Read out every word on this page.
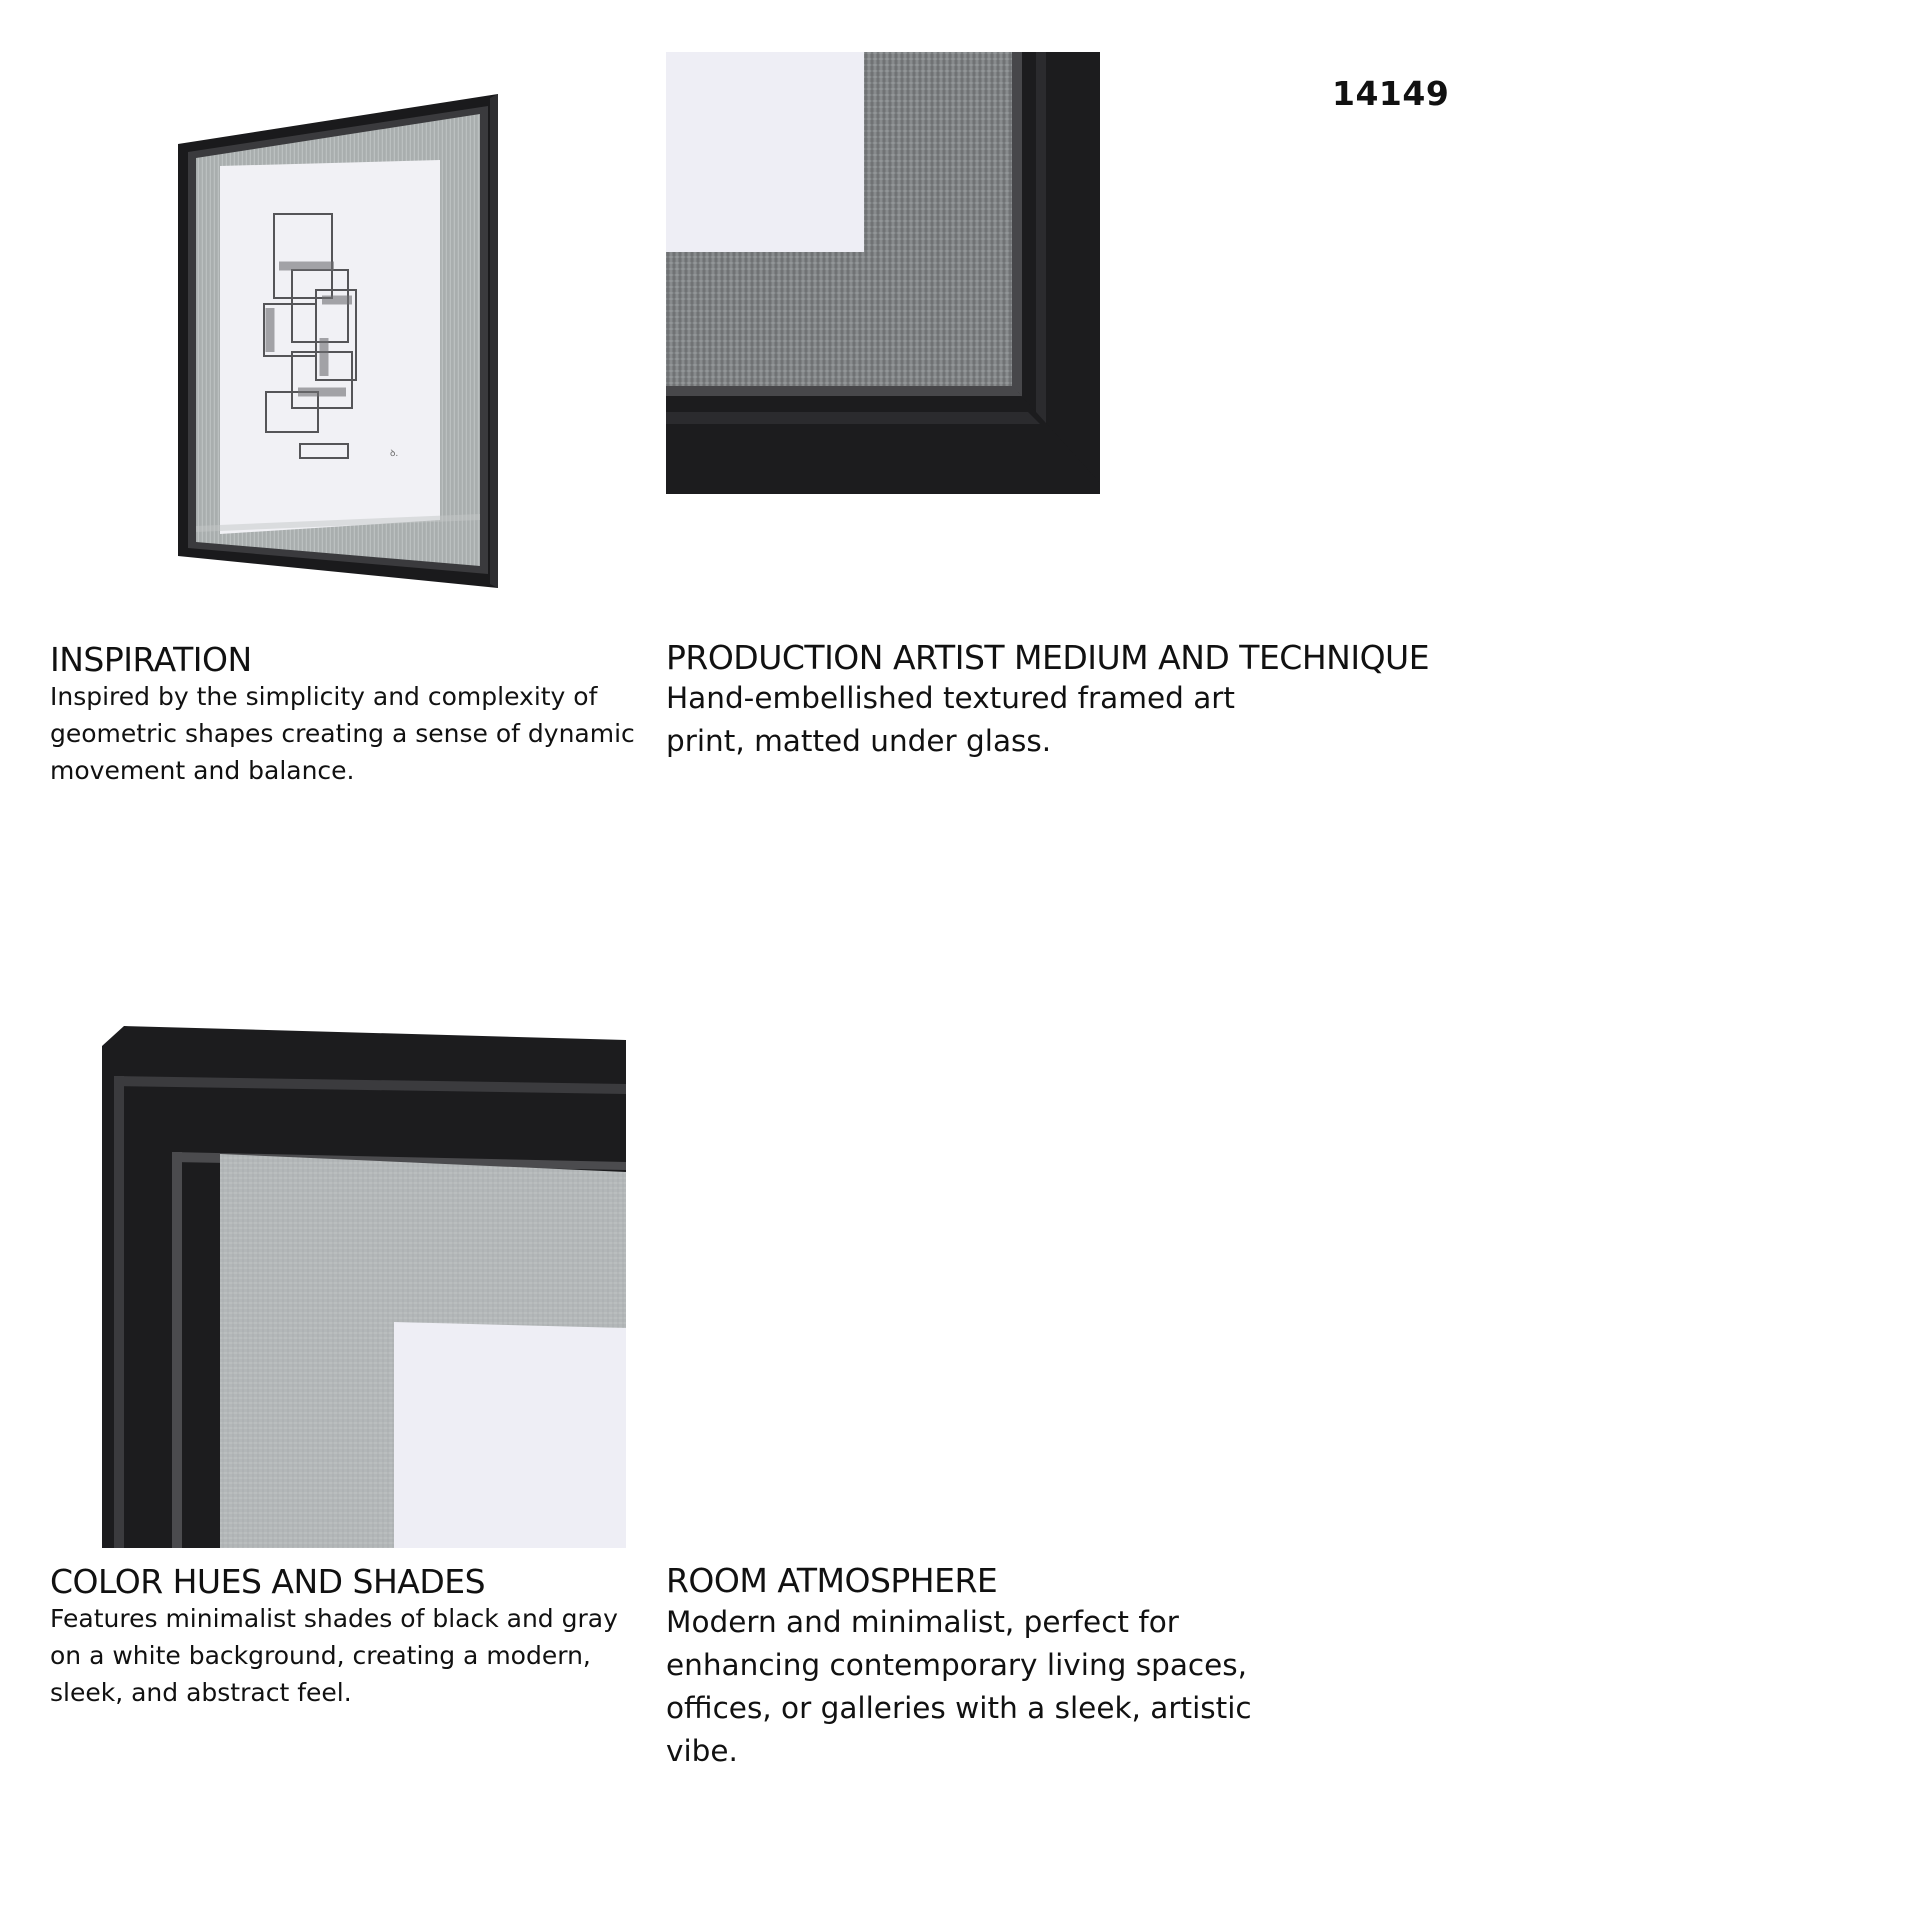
14149
ꝺ.
INSPIRATION
Inspired by the simplicity and complexity of geometric shapes creating a sense of dynamic movement and balance.
PRODUCTION ARTIST MEDIUM AND TECHNIQUE
Hand-embellished textured framed art print, matted under glass.
COLOR HUES AND SHADES
Features minimalist shades of black and gray on a white background, creating a modern, sleek, and abstract feel.
ROOM ATMOSPHERE
Modern and minimalist, perfect for enhancing contemporary living spaces, offices, or galleries with a sleek, artistic vibe.
